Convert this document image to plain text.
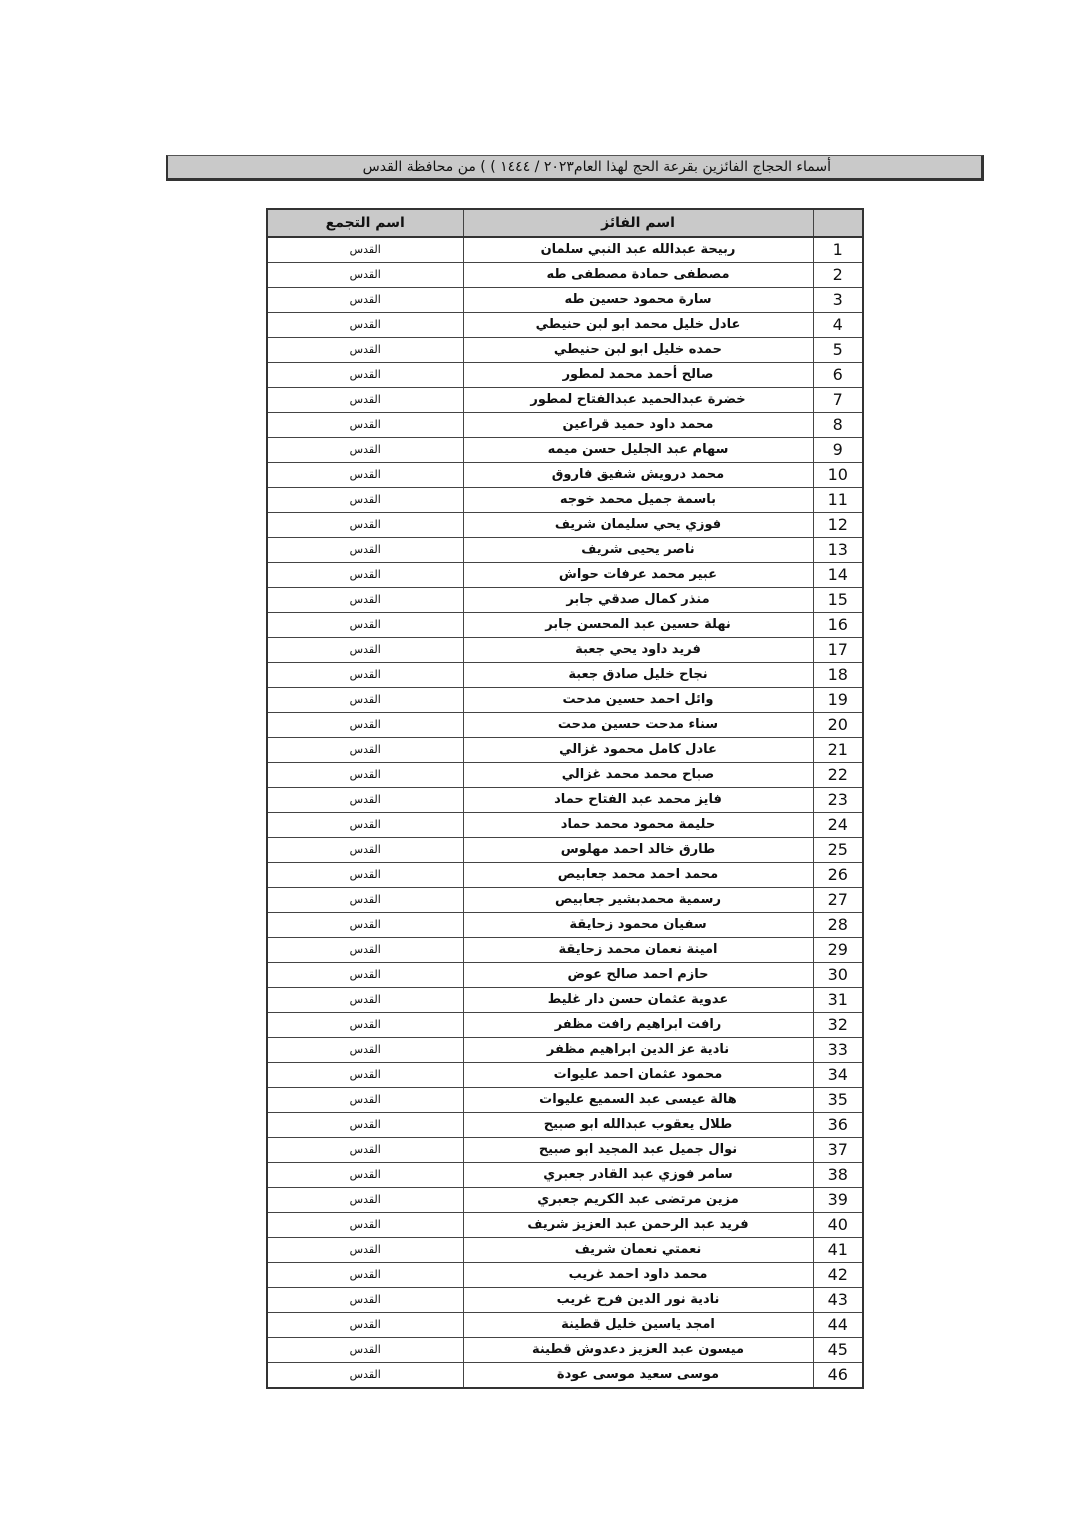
أسماء الحجاج الفائزين بقرعة الحج لهذا العام٢٠٢٣ / ١٤٤٤ ) ) من محافظة القدس
اسم التجمع	اسم الفائز	
القدس	ربيحة عبدالله عبد النبي سلمان	1
القدس	مصطفى حمادة مصطفى طه	2
القدس	سارة محمود حسين طه	3
القدس	عادل خليل محمد ابو لبن حنيطي	4
القدس	حمده خليل ابو لبن حنيطي	5
القدس	صالح أحمد محمد لمطور	6
القدس	خضرة عبدالحميد عبدالفتاح لمطور	7
القدس	محمد داود حميد قراعين	8
القدس	سهام عبد الجليل حسن ميمه	9
القدس	محمد درويش شفيق فاروق	10
القدس	باسمة جميل محمد خوجه	11
القدس	فوزي يحي سليمان شريف	12
القدس	ناصر يحيى شريف	13
القدس	عبير محمد عرفات حواش	14
القدس	منذر كمال صدقي جابر	15
القدس	نهلة حسين عبد المحسن جابر	16
القدس	فريد داود يحي جعبة	17
القدس	نجاح خليل صادق جعبة	18
القدس	وائل احمد حسين مدحت	19
القدس	سناء مدحت حسين مدحت	20
القدس	عادل كامل محمود غزالي	21
القدس	صباح محمد محمد غزالي	22
القدس	فايز محمد عبد الفتاح حماد	23
القدس	حليمة محمود محمد حماد	24
القدس	طارق خالد احمد مهلوس	25
القدس	محمد احمد محمد جعابيص	26
القدس	رسمية محمدبشير جعابيص	27
القدس	سفيان محمود زحايقة	28
القدس	امينة نعمان محمد زحايقة	29
القدس	حازم احمد صالح عوض	30
القدس	عدوية عثمان حسن دار غليط	31
القدس	رافت ابراهيم رافت مظفر	32
القدس	نادية عز الدين ابراهيم مظفر	33
القدس	محمود عثمان احمد عليوات	34
القدس	هالة عيسى عبد السميع عليوات	35
القدس	طلال يعقوب عبدالله ابو صبيح	36
القدس	نوال جميل عبد المجيد ابو صبيح	37
القدس	سامر فوزي عبد القادر جعبري	38
القدس	مزين مرتضى عبد الكريم جعبري	39
القدس	فريد عبد الرحمن عبد العزيز شريف	40
القدس	نعمتي نعمان شريف	41
القدس	محمد داود احمد غريب	42
القدس	نادية نور الدين فرح غريب	43
القدس	امجد ياسين خليل قطينة	44
القدس	ميسون عبد العزيز دعدوش قطينة	45
القدس	موسى سعيد موسى عودة	46
